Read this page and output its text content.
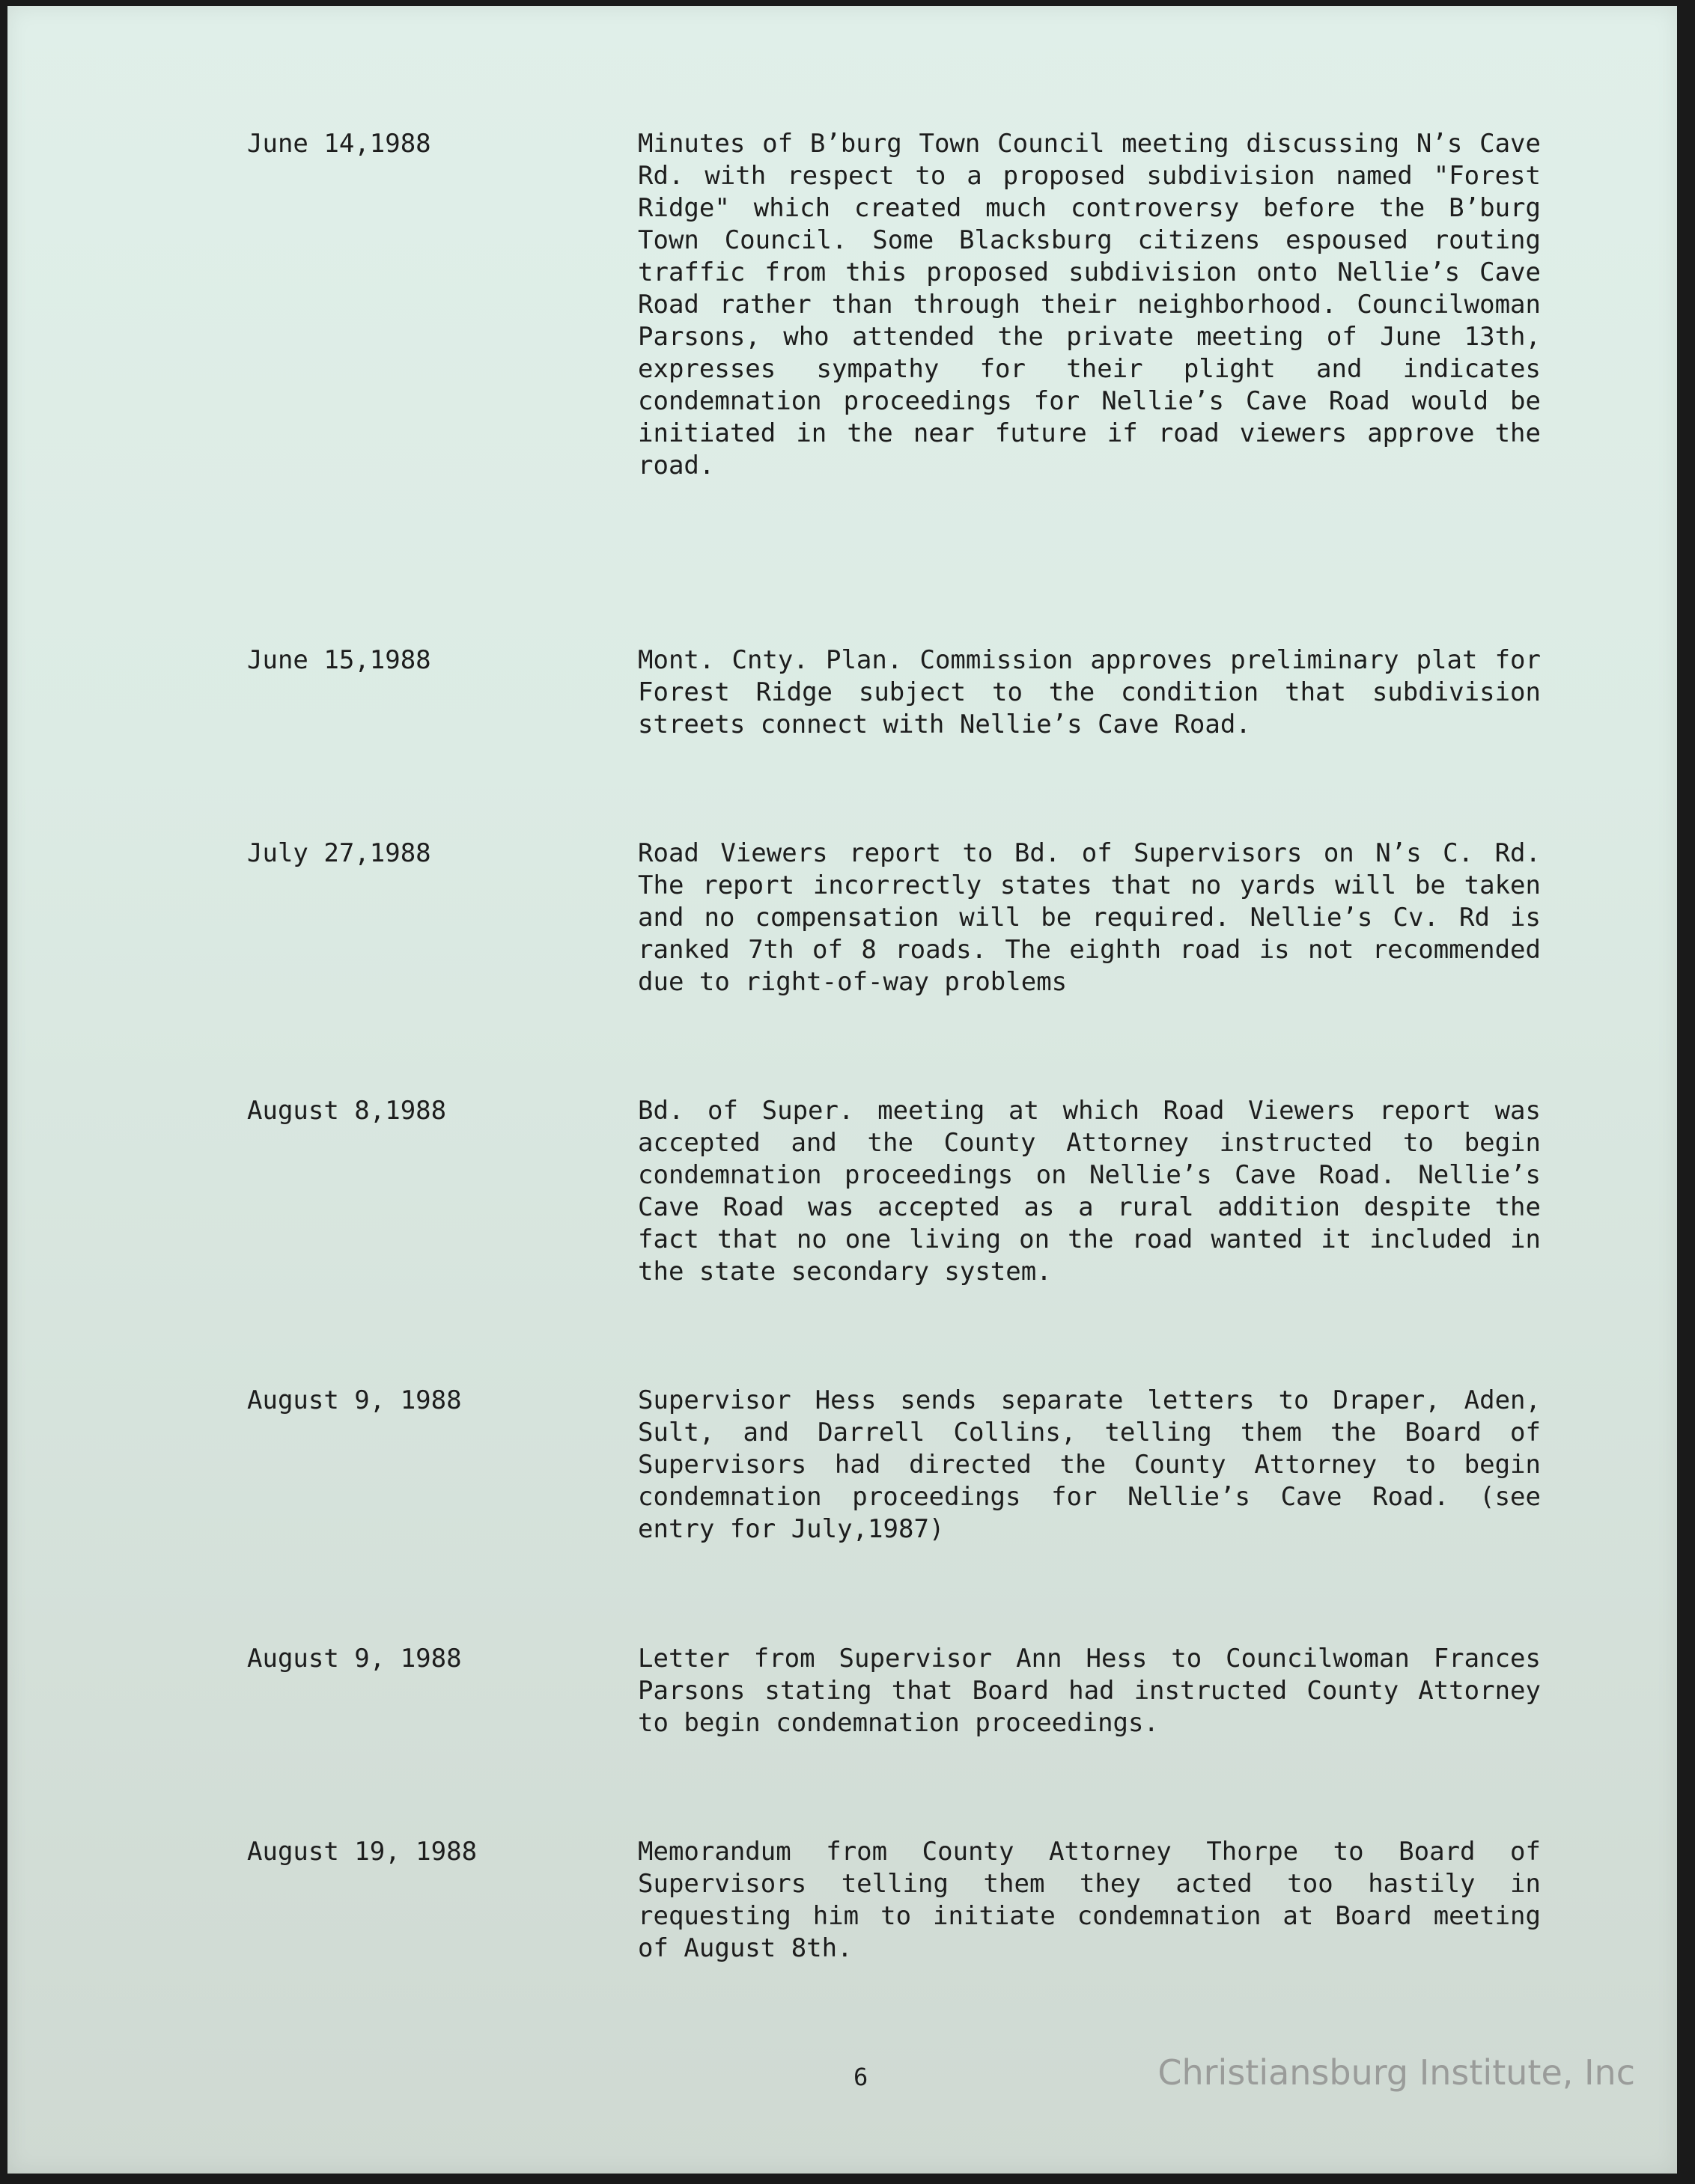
June 14,1988	Minutes of B’burg Town Council meeting discussing N’s Cave Rd. with respect to a proposed subdivision named "Forest Ridge" which created much controversy before the B’burg Town Council. Some Blacksburg citizens espoused routing traffic from this proposed subdivision onto Nellie’s Cave Road rather than through their neighborhood. Councilwoman Parsons, who attended the private meeting of June 13th, expresses sympathy for their plight and indicates condemnation proceedings for Nellie’s Cave Road would be initiated in the near future if road viewers approve the road.
June 15,1988	Mont. Cnty. Plan. Commission approves preliminary plat for Forest Ridge subject to the condition that subdivision streets connect with Nellie’s Cave Road.
July 27,1988	Road Viewers report to Bd. of Supervisors on N’s C. Rd. The report incorrectly states that no yards will be taken and no compensation will be required. Nellie’s Cv. Rd is ranked 7th of 8 roads. The eighth road is not recommended due to right-of-way problems
August 8,1988	Bd. of Super. meeting at which Road Viewers report was accepted and the County Attorney instructed to begin condemnation proceedings on Nellie’s Cave Road. Nellie’s Cave Road was accepted as a rural addition despite the fact that no one living on the road wanted it included in the state secondary system.
August 9, 1988	Supervisor Hess sends separate letters to Draper, Aden, Sult, and Darrell Collins, telling them the Board of Supervisors had directed the County Attorney to begin condemnation proceedings for Nellie’s Cave Road. (see entry for July,1987)
August 9, 1988	Letter from Supervisor Ann Hess to Councilwoman Frances Parsons stating that Board had instructed County Attorney to begin condemnation proceedings.
August 19, 1988	Memorandum from County Attorney Thorpe to Board of Supervisors telling them they acted too hastily in requesting him to initiate condemnation at Board meeting of August 8th.
6	Christiansburg Institute, Inc
